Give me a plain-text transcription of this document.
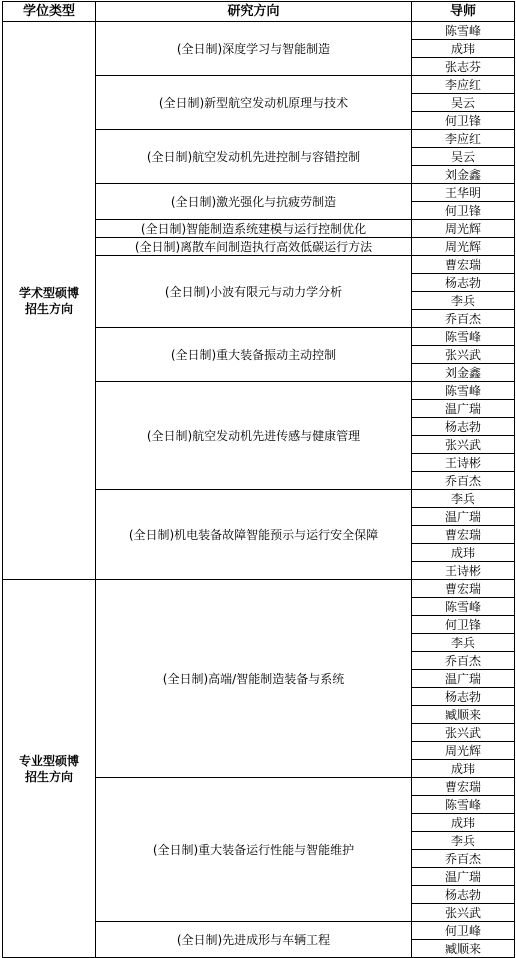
学位类型	研究方向	导师

学术型硕博
招生方向	(全日制)深度学习与智能制造	陈雪峰
		成玮
		张志芬
	(全日制)新型航空发动机原理与技术	李应红
		吴云
		何卫锋
	(全日制)航空发动机先进控制与容错控制	李应红
		吴云
		刘金鑫
	(全日制)激光强化与抗疲劳制造	王华明
		何卫锋
	(全日制)智能制造系统建模与运行控制优化	周光辉
	(全日制)离散车间制造执行高效低碳运行方法	周光辉
	(全日制)小波有限元与动力学分析	曹宏瑞
		杨志勃
		李兵
		乔百杰
	(全日制)重大装备振动主动控制	陈雪峰
		张兴武
		刘金鑫
	(全日制)航空发动机先进传感与健康管理	陈雪峰
		温广瑞
		杨志勃
		张兴武
		王诗彬
		乔百杰
	(全日制)机电装备故障智能预示与运行安全保障	李兵
		温广瑞
		曹宏瑞
		成玮
		王诗彬

专业型硕博
招生方向	(全日制)高端/智能制造装备与系统	曹宏瑞
		陈雪峰
		何卫锋
		李兵
		乔百杰
		温广瑞
		杨志勃
		臧顺来
		张兴武
		周光辉
		成玮
	(全日制)重大装备运行性能与智能维护	曹宏瑞
		陈雪峰
		成玮
		李兵
		乔百杰
		温广瑞
		杨志勃
		张兴武
	(全日制)先进成形与车辆工程	何卫峰
		臧顺来
